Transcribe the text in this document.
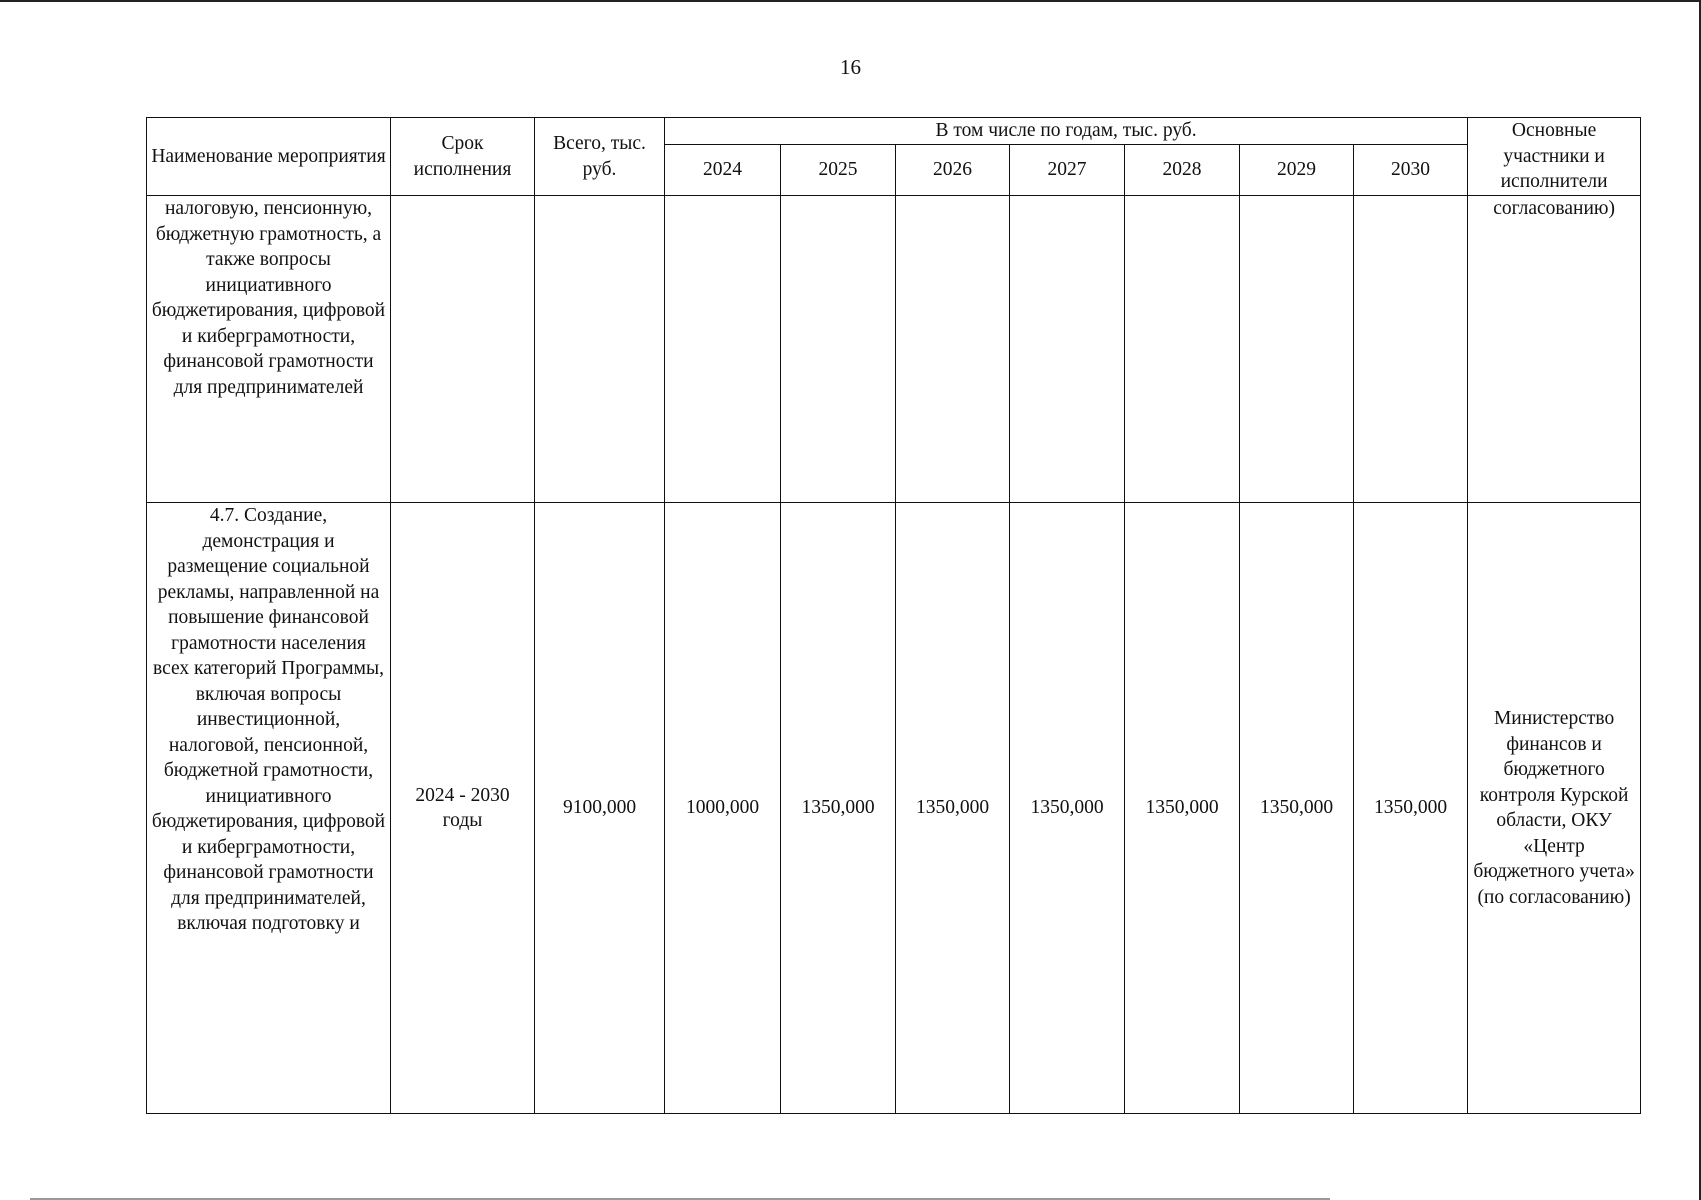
16
Наименование мероприятия	Срок исполнения	Всего, тыс. руб.	В том числе по годам, тыс. руб.							Основные участники и исполнители
			2024	2025	2026	2027	2028	2029	2030	
налоговую, пенсионную, бюджетную грамотность, а также вопросы инициативного бюджетирования, цифровой и киберграмотности, финансовой грамотности для предпринимателей										согласованию)
4.7. Создание, демонстрация и размещение социальной рекламы, направленной на повышение финансовой грамотности населения всех категорий Программы, включая вопросы инвестиционной, налоговой, пенсионной, бюджетной грамотности, инициативного бюджетирования, цифровой и киберграмотности, финансовой грамотности для предпринимателей, включая подготовку и	2024 - 2030 годы	9100,000	1000,000	1350,000	1350,000	1350,000	1350,000	1350,000	1350,000	Министерство финансов и бюджетного контроля Курской области, ОКУ «Центр бюджетного учета» (по согласованию)
